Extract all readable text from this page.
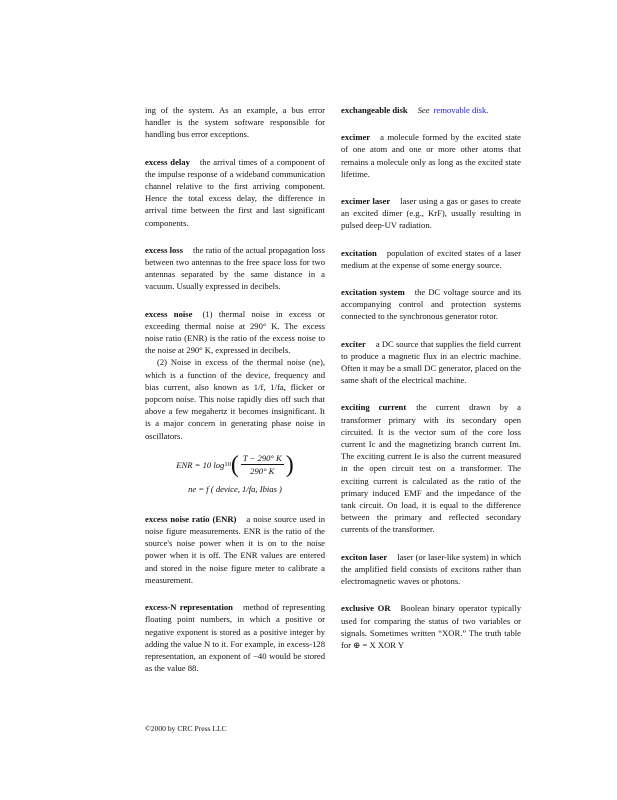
ing of the system. As an example, a bus error handler is the system software responsible for handling bus error exceptions.

excess delay the arrival times of a component of the impulse response of a wideband communication channel relative to the first arriving component. Hence the total excess delay, the difference in arrival time between the first and last significant components.

excess loss the ratio of the actual propagation loss between two antennas to the free space loss for two antennas separated by the same distance in a vacuum. Usually expressed in decibels.

excess noise (1) thermal noise in excess or exceeding thermal noise at 290° K. The excess noise ratio (ENR) is the ratio of the excess noise to the noise at 290° K, expressed in decibels.

(2) Noise in excess of the thermal noise (ne), which is a function of the device, frequency and bias current, also known as 1/f, 1/fa, flicker or popcorn noise. This noise rapidly dies off such that above a few megahertz it becomes insignificant. It is a major concern in generating phase noise in oscillators.

ENR = 10 log 10 ( $\frac{T - 290^\circ K}{290^\circ K}$ )
ne = f ( device, 1/fa, Ibias )

excess noise ratio (ENR) a noise source used in noise figure measurements. ENR is the ratio of the source's noise power when it is on to the noise power when it is off. The ENR values are entered and stored in the noise figure meter to calibrate a measurement.

excess-N representation method of representing floating point numbers, in which a positive or negative exponent is stored as a positive integer by adding the value N to it. For example, in excess-128 representation, an exponent of −40 would be stored as the value 88.

exchangeable disk See removable disk.

excimer a molecule formed by the excited state of one atom and one or more other atoms that remains a molecule only as long as the excited state lifetime.

excimer laser laser using a gas or gases to create an excited dimer (e.g., KrF), usually resulting in pulsed deep-UV radiation.

excitation population of excited states of a laser medium at the expense of some energy source.

excitation system the DC voltage source and its accompanying control and protection systems connected to the synchronous generator rotor.

exciter a DC source that supplies the field current to produce a magnetic flux in an electric machine. Often it may be a small DC generator, placed on the same shaft of the electrical machine.

exciting current the current drawn by a transformer primary with its secondary open circuited. It is the vector sum of the core loss current Ic and the magnetizing branch current Im. The exciting current Ie is also the current measured in the open circuit test on a transformer. The exciting current is calculated as the ratio of the primary induced EMF and the impedance of the tank circuit. On load, it is equal to the difference between the primary and reflected secondary currents of the transformer.

exciton laser laser (or laser-like system) in which the amplified field consists of excitons rather than electromagnetic waves or photons.

exclusive OR Boolean binary operator typically used for comparing the status of two variables or signals. Sometimes written “XOR.” The truth table for ⊕ = X XOR Y

©2000 by CRC Press LLC
